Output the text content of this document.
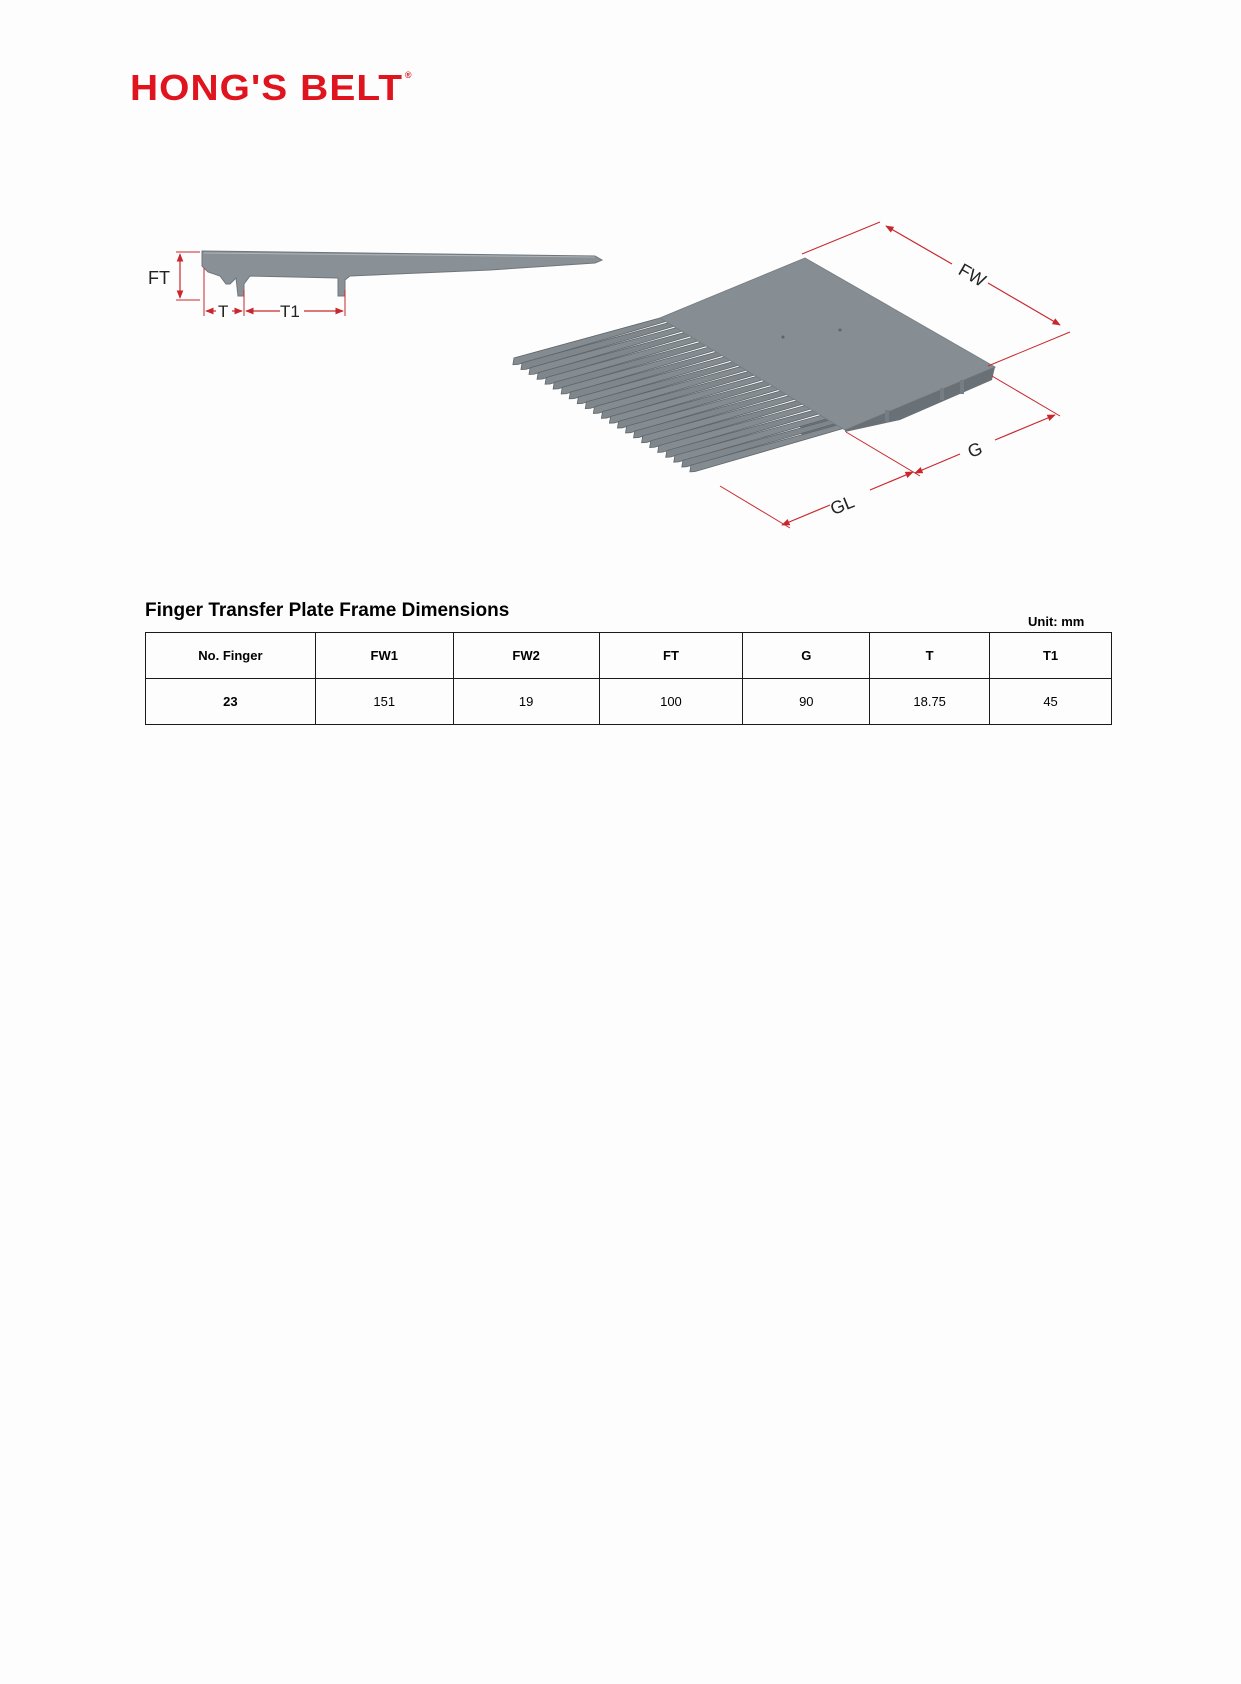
HONG'S BELT ®
FT
T	T1
FW
G
GL
Finger Transfer Plate Frame Dimensions
Unit: mm
No. Finger	FW1	FW2	FT	G	T	T1
23	151	19	100	90	18.75	45
